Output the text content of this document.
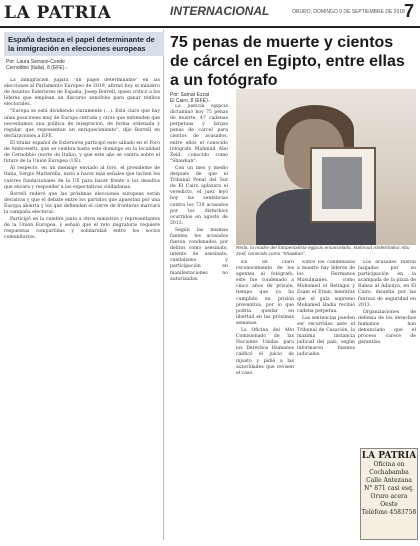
LA PATRIA	INTERNACIONAL	ORURO, DOMINGO 9 DE SEPTIEMBRE DE 2018 7
España destaca el papel determinante de la inmigración en elecciones europeas
Por: Laura Serrano-Conde
Cernobbio (Italia), 8 (EFE).-

La inmigración jugará "un papel determinante" en las elecciones al Parlamento Europeo de 2019, afirmó hoy el ministro de Asuntos Exteriores de España, Josep Borrell, quien criticó a los líderes que emplean un discurso xenófobo para ganar réditos electorales.

"Europa se está dividiendo claramente (...). Está claro que hay unas posiciones muy de Europa cerrada y otras que entienden que necesitamos una política de integración, de forma ordenada y regular, que representan un enriquecimiento", dijo Borrell en declaraciones a EFE.

El titular español de Exteriores participó este sábado en el Foro de Ambrosetti, que se celebra hasta este domingo en la localidad de Cernobbio (norte de Italia), y que este año se centra sobre el futuro de la Unión Europea (UE).

Al respecto, en un mensaje enviado al foro, el presidente de Italia, Sergio Mattarella, instó a hacer más señales que luchen los valores fundacionales de la UE para hacer frente a los desafíos que encara y responder a las expectativas ciudadanas.

Borrell reiteró que las próximas elecciones europeas serán decisivas y que el debate entre los partidos que apuestan por una Europa abierta y los que defienden el cierre de fronteras marcará la campaña electoral.

Participó en la cumbre junto a otros ministros y representantes de la Unión Europea, y señaló que el reto migratorio requiere respuestas compartidas y solidaridad entre los socios comunitarios.

75 penas de muerte y cientos de cárcel en Egipto, entre ellas a un fotógrafo
Por: Samar Ezzat
El Cairo, 8 (EFE).-

La justicia egipcia dictaminó hoy 75 penas de muerte, 47 cadenas perpetuas y largas penas de cárcel para cientos de acusados, entre ellos el conocido fotógrafo Mahmud Abu Zeid, conocido como "Shawkan".

Con un mes y medio después de que el Tribunal Penal del Sur de El Cairo aplazara el veredicto, el juez leyó hoy las sentencias contra los 739 acusados por los disturbios ocurridos en agosto de 2013.

Según las mismas fuentes, los acusados fueron condenados por delitos como asesinato, intento de asesinato, vandalismo y participación en manifestaciones no autorizadas.

Reda, la madre del fotoperiodista egipcio encarcelado, Mahmud Abdelshakur Abu Zeid, conocido como "Shawkan".

En un claro reconocimiento de los agentes al fotógrafo, este fue condenado a cinco años de prisión, tiempo que ya ha cumplido en prisión preventiva, por lo que podría quedar en libertad en las próximas semanas.

La Oficina del Alto Comisionado de las Naciones Unidas para los Derechos Humanos calificó el juicio de injusto y pidió a las autoridades que revisen el caso.

Entre los condenados a muerte hay líderes de los Hermanos Musulmanes, como Mohamed el Beltagui y Esam el Erian, mientras que el guía supremo Mohamed Badía recibió cadena perpetua.

Las sentencias pueden ser recurridas ante el Tribunal de Casación, la máxima instancia judicial del país, según informaron fuentes judiciales.

Los acusados fueron juzgados por su participación en la acampada de la plaza de Rabea al Adauiya, en El Cairo, disuelta por las fuerzas de seguridad en 2013.

Organizaciones de defensa de los derechos humanos han denunciado que el proceso carece de garantías.

LA PATRIA
Oficina en
Cochabamba
Calle Antezana
N° 871 casi esq.
Oruro acera
Oeste
Teléfono 4583758
